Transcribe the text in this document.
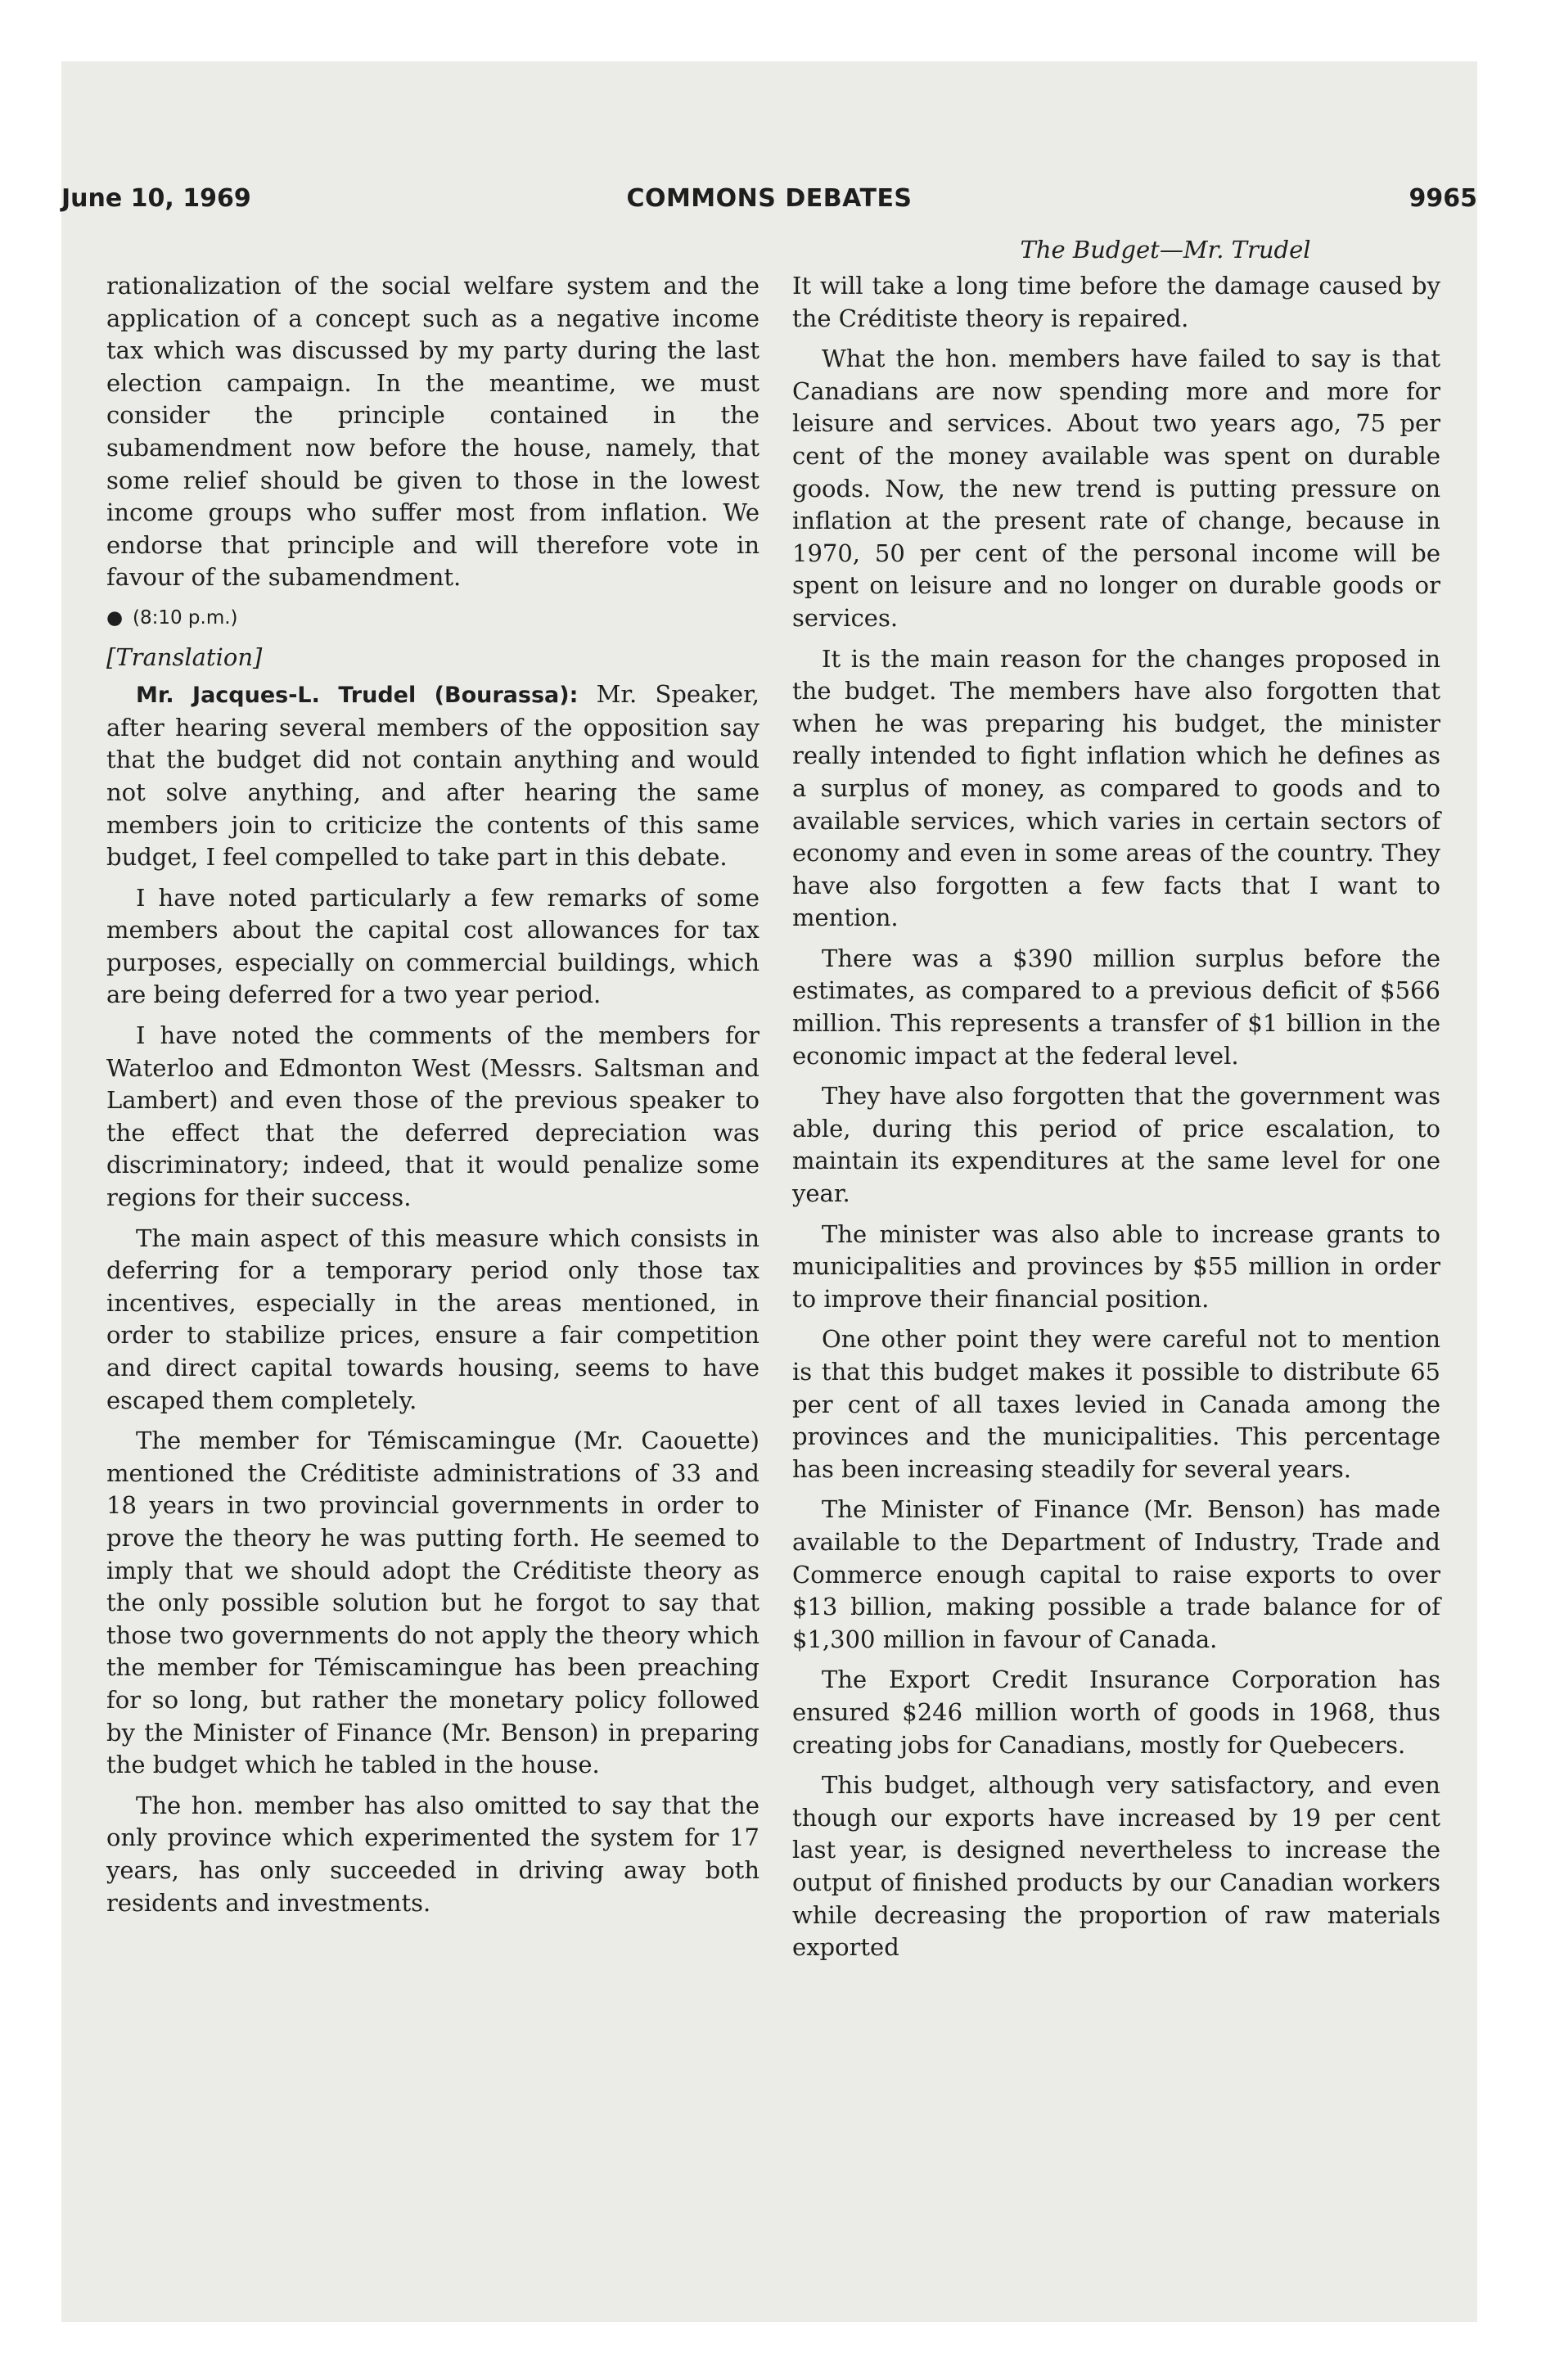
June 10, 1969	COMMONS DEBATES	9965
The Budget—Mr. Trudel

rationalization of the social welfare system and the application of a concept such as a negative income tax which was discussed by my party during the last election campaign. In the meantime, we must consider the principle contained in the subamendment now before the house, namely, that some relief should be given to those in the lowest income groups who suffer most from inflation. We endorse that principle and will therefore vote in favour of the subamendment.

● (8:10 p.m.)
[Translation]

Mr. Jacques-L. Trudel (Bourassa): Mr. Speaker, after hearing several members of the opposition say that the budget did not contain anything and would not solve anything, and after hearing the same members join to criticize the contents of this same budget, I feel compelled to take part in this debate.

I have noted particularly a few remarks of some members about the capital cost allowances for tax purposes, especially on commercial buildings, which are being deferred for a two year period.

I have noted the comments of the members for Waterloo and Edmonton West (Messrs. Saltsman and Lambert) and even those of the previous speaker to the effect that the deferred depreciation was discriminatory; indeed, that it would penalize some regions for their success.

The main aspect of this measure which consists in deferring for a temporary period only those tax incentives, especially in the areas mentioned, in order to stabilize prices, ensure a fair competition and direct capital towards housing, seems to have escaped them completely.

The member for Témiscamingue (Mr. Caouette) mentioned the Créditiste administrations of 33 and 18 years in two provincial governments in order to prove the theory he was putting forth. He seemed to imply that we should adopt the Créditiste theory as the only possible solution but he forgot to say that those two governments do not apply the theory which the member for Témiscamingue has been preaching for so long, but rather the monetary policy followed by the Minister of Finance (Mr. Benson) in preparing the budget which he tabled in the house.

The hon. member has also omitted to say that the only province which experimented the system for 17 years, has only succeeded in driving away both residents and investments.

It will take a long time before the damage caused by the Créditiste theory is repaired.

What the hon. members have failed to say is that Canadians are now spending more and more for leisure and services. About two years ago, 75 per cent of the money available was spent on durable goods. Now, the new trend is putting pressure on inflation at the present rate of change, because in 1970, 50 per cent of the personal income will be spent on leisure and no longer on durable goods or services.

It is the main reason for the changes proposed in the budget. The members have also forgotten that when he was preparing his budget, the minister really intended to fight inflation which he defines as a surplus of money, as compared to goods and to available services, which varies in certain sectors of economy and even in some areas of the country. They have also forgotten a few facts that I want to mention.

There was a $390 million surplus before the estimates, as compared to a previous deficit of $566 million. This represents a transfer of $1 billion in the economic impact at the federal level.

They have also forgotten that the government was able, during this period of price escalation, to maintain its expenditures at the same level for one year.

The minister was also able to increase grants to municipalities and provinces by $55 million in order to improve their financial position.

One other point they were careful not to mention is that this budget makes it possible to distribute 65 per cent of all taxes levied in Canada among the provinces and the municipalities. This percentage has been increasing steadily for several years.

The Minister of Finance (Mr. Benson) has made available to the Department of Industry, Trade and Commerce enough capital to raise exports to over $13 billion, making possible a trade balance for of $1,300 million in favour of Canada.

The Export Credit Insurance Corporation has ensured $246 million worth of goods in 1968, thus creating jobs for Canadians, mostly for Quebecers.

This budget, although very satisfactory, and even though our exports have increased by 19 per cent last year, is designed nevertheless to increase the output of finished products by our Canadian workers while decreasing the proportion of raw materials exported
